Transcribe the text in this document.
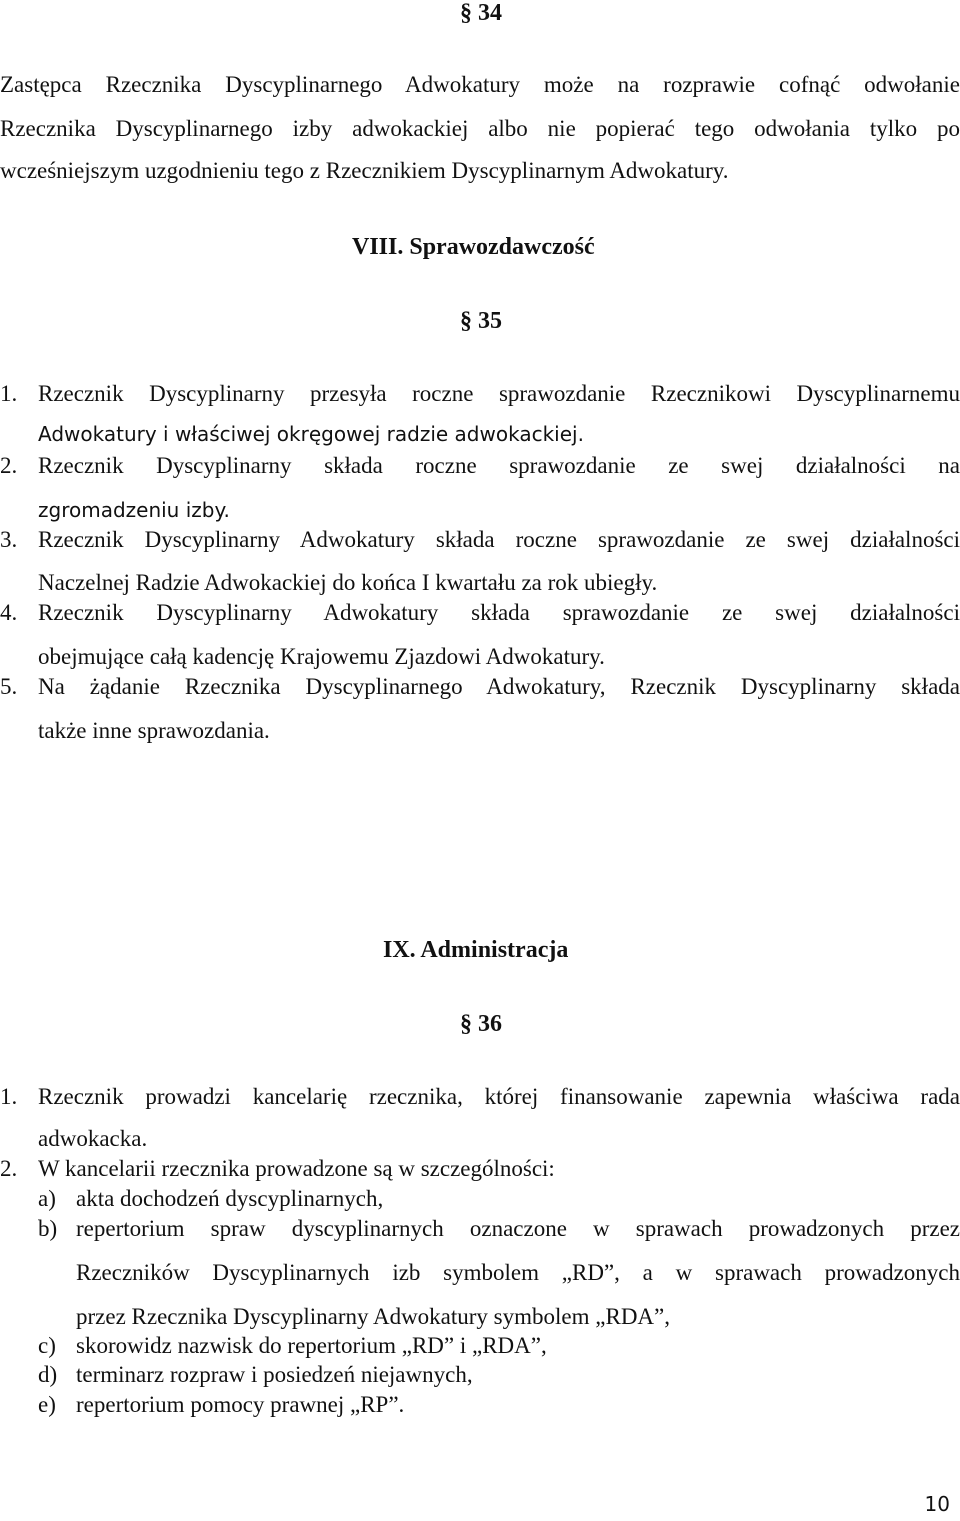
§ 34
Zastępca Rzecznika Dyscyplinarnego Adwokatury może na rozprawie cofnąć odwołanie
Rzecznika Dyscyplinarnego izby adwokackiej albo nie popierać tego odwołania tylko po
wcześniejszym uzgodnieniu tego z Rzecznikiem Dyscyplinarnym Adwokatury.
VIII. Sprawozdawczość
§ 35
1. Rzecznik Dyscyplinarny przesyła roczne sprawozdanie Rzecznikowi Dyscyplinarnemu
Adwokatury i właściwej okręgowej radzie adwokackiej.
2. Rzecznik Dyscyplinarny składa roczne sprawozdanie ze swej działalności na
zgromadzeniu izby.
3. Rzecznik Dyscyplinarny Adwokatury składa roczne sprawozdanie ze swej działalności
Naczelnej Radzie Adwokackiej do końca I kwartału za rok ubiegły.
4. Rzecznik Dyscyplinarny Adwokatury składa sprawozdanie ze swej działalności
obejmujące całą kadencję Krajowemu Zjazdowi Adwokatury.
5. Na żądanie Rzecznika Dyscyplinarnego Adwokatury, Rzecznik Dyscyplinarny składa
także inne sprawozdania.
IX. Administracja
§ 36
1. Rzecznik prowadzi kancelarię rzecznika, której finansowanie zapewnia właściwa rada
adwokacka.
2. W kancelarii rzecznika prowadzone są w szczególności:
a) akta dochodzeń dyscyplinarnych,
b) repertorium spraw dyscyplinarnych oznaczone w sprawach prowadzonych przez
Rzeczników Dyscyplinarnych izb symbolem „RD”, a w sprawach prowadzonych
przez Rzecznika Dyscyplinarny Adwokatury symbolem „RDA”,
c) skorowidz nazwisk do repertorium „RD” i „RDA”,
d) terminarz rozpraw i posiedzeń niejawnych,
e) repertorium pomocy prawnej „RP”.
10
